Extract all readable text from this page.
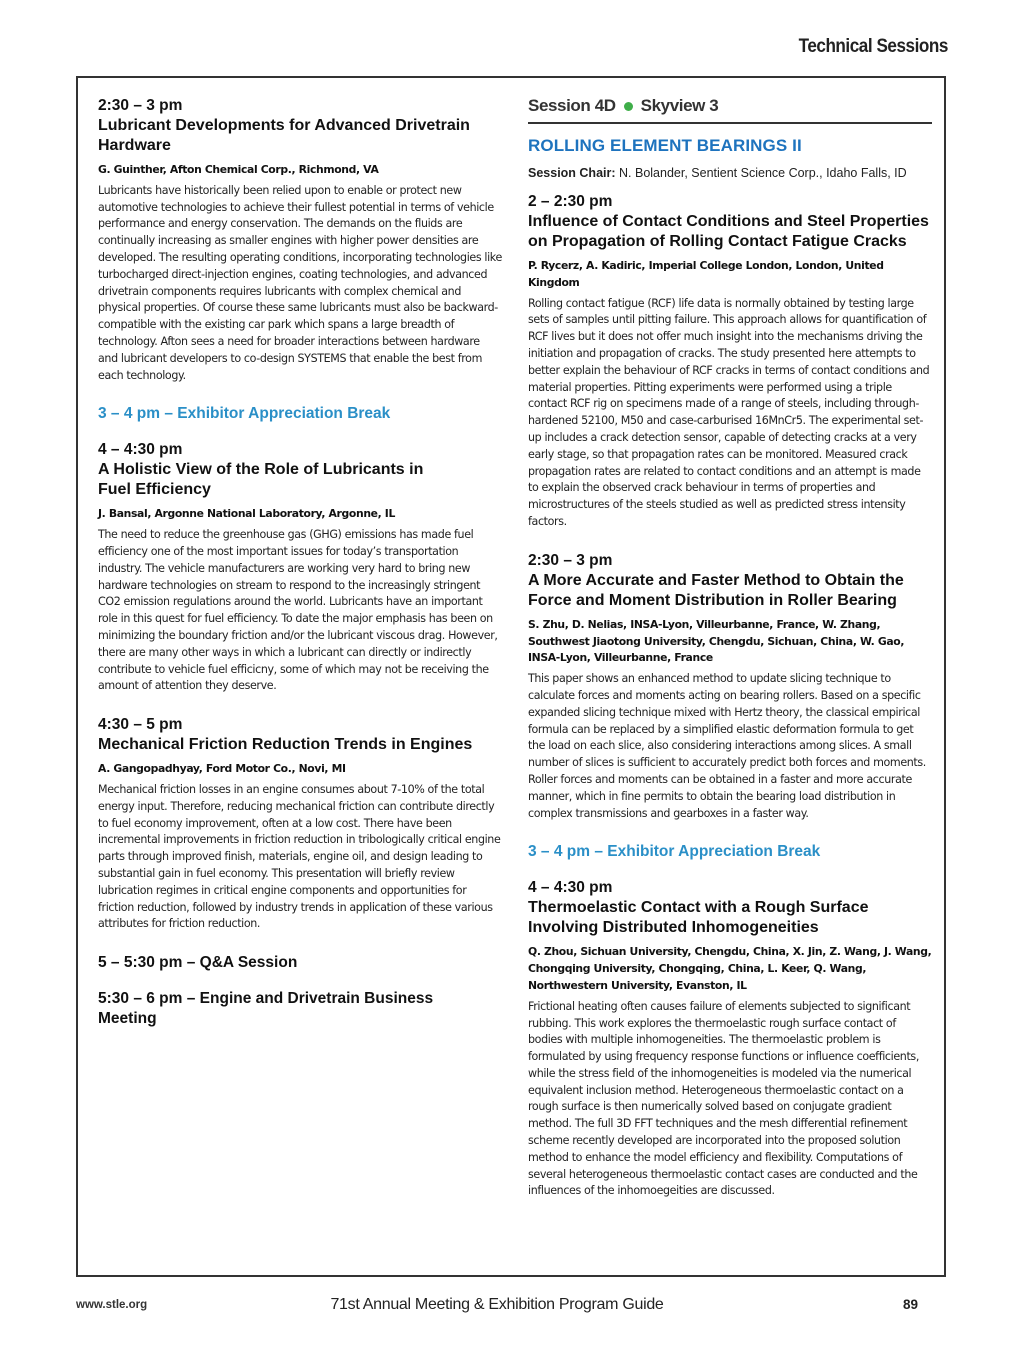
Technical Sessions

2:30 – 3 pm

Lubricant Developments for Advanced Drivetrain Hardware

G. Guinther, Afton Chemical Corp., Richmond, VA

Lubricants have historically been relied upon to enable or protect new automotive technologies to achieve their fullest potential in terms of vehicle performance and energy conservation. The demands on the fluids are continually increasing as smaller engines with higher power densities are developed. The resulting operating conditions, incorporating technologies like turbocharged direct-injection engines, coating technologies, and advanced drivetrain components requires lubricants with complex chemical and physical properties. Of course these same lubricants must also be backward-compatible with the existing car park which spans a large breadth of technology. Afton sees a need for broader interactions between hardware and lubricant developers to co-design SYSTEMS that enable the best from each technology.

3 – 4 pm – Exhibitor Appreciation Break

4 – 4:30 pm

A Holistic View of the Role of Lubricants in Fuel Efficiency

J. Bansal, Argonne National Laboratory, Argonne, IL

The need to reduce the greenhouse gas (GHG) emissions has made fuel efficiency one of the most important issues for today’s transportation industry. The vehicle manufacturers are working very hard to bring new hardware technologies on stream to respond to the increasingly stringent CO2 emission regulations around the world. Lubricants have an important role in this quest for fuel efficiency. To date the major emphasis has been on minimizing the boundary friction and/or the lubricant viscous drag. However, there are many other ways in which a lubricant can directly or indirectly contribute to vehicle fuel efficicny, some of which may not be receiving the amount of attention they deserve.

4:30 – 5 pm

Mechanical Friction Reduction Trends in Engines

A. Gangopadhyay, Ford Motor Co., Novi, MI

Mechanical friction losses in an engine consumes about 7-10% of the total energy input. Therefore, reducing mechanical friction can contribute directly to fuel economy improvement, often at a low cost. There have been incremental improvements in friction reduction in tribologically critical engine parts through improved finish, materials, engine oil, and design leading to substantial gain in fuel economy. This presentation will briefly review lubrication regimes in critical engine components and opportunities for friction reduction, followed by industry trends in application of these various attributes for friction reduction.

5 – 5:30 pm – Q&A Session

5:30 – 6 pm – Engine and Drivetrain Business Meeting

Session 4D Skyview 3

ROLLING ELEMENT BEARINGS II

Session Chair: N. Bolander, Sentient Science Corp., Idaho Falls, ID

2 – 2:30 pm

Influence of Contact Conditions and Steel Properties on Propagation of Rolling Contact Fatigue Cracks

P. Rycerz, A. Kadiric, Imperial College London, London, United Kingdom

Rolling contact fatigue (RCF) life data is normally obtained by testing large sets of samples until pitting failure. This approach allows for quantification of RCF lives but it does not offer much insight into the mechanisms driving the initiation and propagation of cracks. The study presented here attempts to better explain the behaviour of RCF cracks in terms of contact conditions and material properties. Pitting experiments were performed using a triple contact RCF rig on specimens made of a range of steels, including through-hardened 52100, M50 and case-carburised 16MnCr5. The experimental set-up includes a crack detection sensor, capable of detecting cracks at a very early stage, so that propagation rates can be monitored. Measured crack propagation rates are related to contact conditions and an attempt is made to explain the observed crack behaviour in terms of properties and microstructures of the steels studied as well as predicted stress intensity factors.

2:30 – 3 pm

A More Accurate and Faster Method to Obtain the Force and Moment Distribution in Roller Bearing

S. Zhu, D. Nelias, INSA-Lyon, Villeurbanne, France, W. Zhang, Southwest Jiaotong University, Chengdu, Sichuan, China, W. Gao, INSA-Lyon, Villeurbanne, France

This paper shows an enhanced method to update slicing technique to calculate forces and moments acting on bearing rollers. Based on a specific expanded slicing technique mixed with Hertz theory, the classical empirical formula can be replaced by a simplified elastic deformation formula to get the load on each slice, also considering interactions among slices. A small number of slices is sufficient to accurately predict both forces and moments. Roller forces and moments can be obtained in a faster and more accurate manner, which in fine permits to obtain the bearing load distribution in complex transmissions and gearboxes in a faster way.

3 – 4 pm – Exhibitor Appreciation Break

4 – 4:30 pm

Thermoelastic Contact with a Rough Surface Involving Distributed Inhomogeneities

Q. Zhou, Sichuan University, Chengdu, China, X. Jin, Z. Wang, J. Wang, Chongqing University, Chongqing, China, L. Keer, Q. Wang, Northwestern University, Evanston, IL

Frictional heating often causes failure of elements subjected to significant rubbing. This work explores the thermoelastic rough surface contact of bodies with multiple inhomogeneities. The thermoelastic problem is formulated by using frequency response functions or influence coefficients, while the stress field of the inhomogeneities is modeled via the numerical equivalent inclusion method. Heterogeneous thermoelastic contact on a rough surface is then numerically solved based on conjugate gradient method. The full 3D FFT techniques and the mesh differential refinement scheme recently developed are incorporated into the proposed solution method to enhance the model efficiency and flexibility. Computations of several heterogeneous thermoelastic contact cases are conducted and the influences of the inhomoegeities are discussed.

www.stle.org	71st Annual Meeting & Exhibition Program Guide	89
